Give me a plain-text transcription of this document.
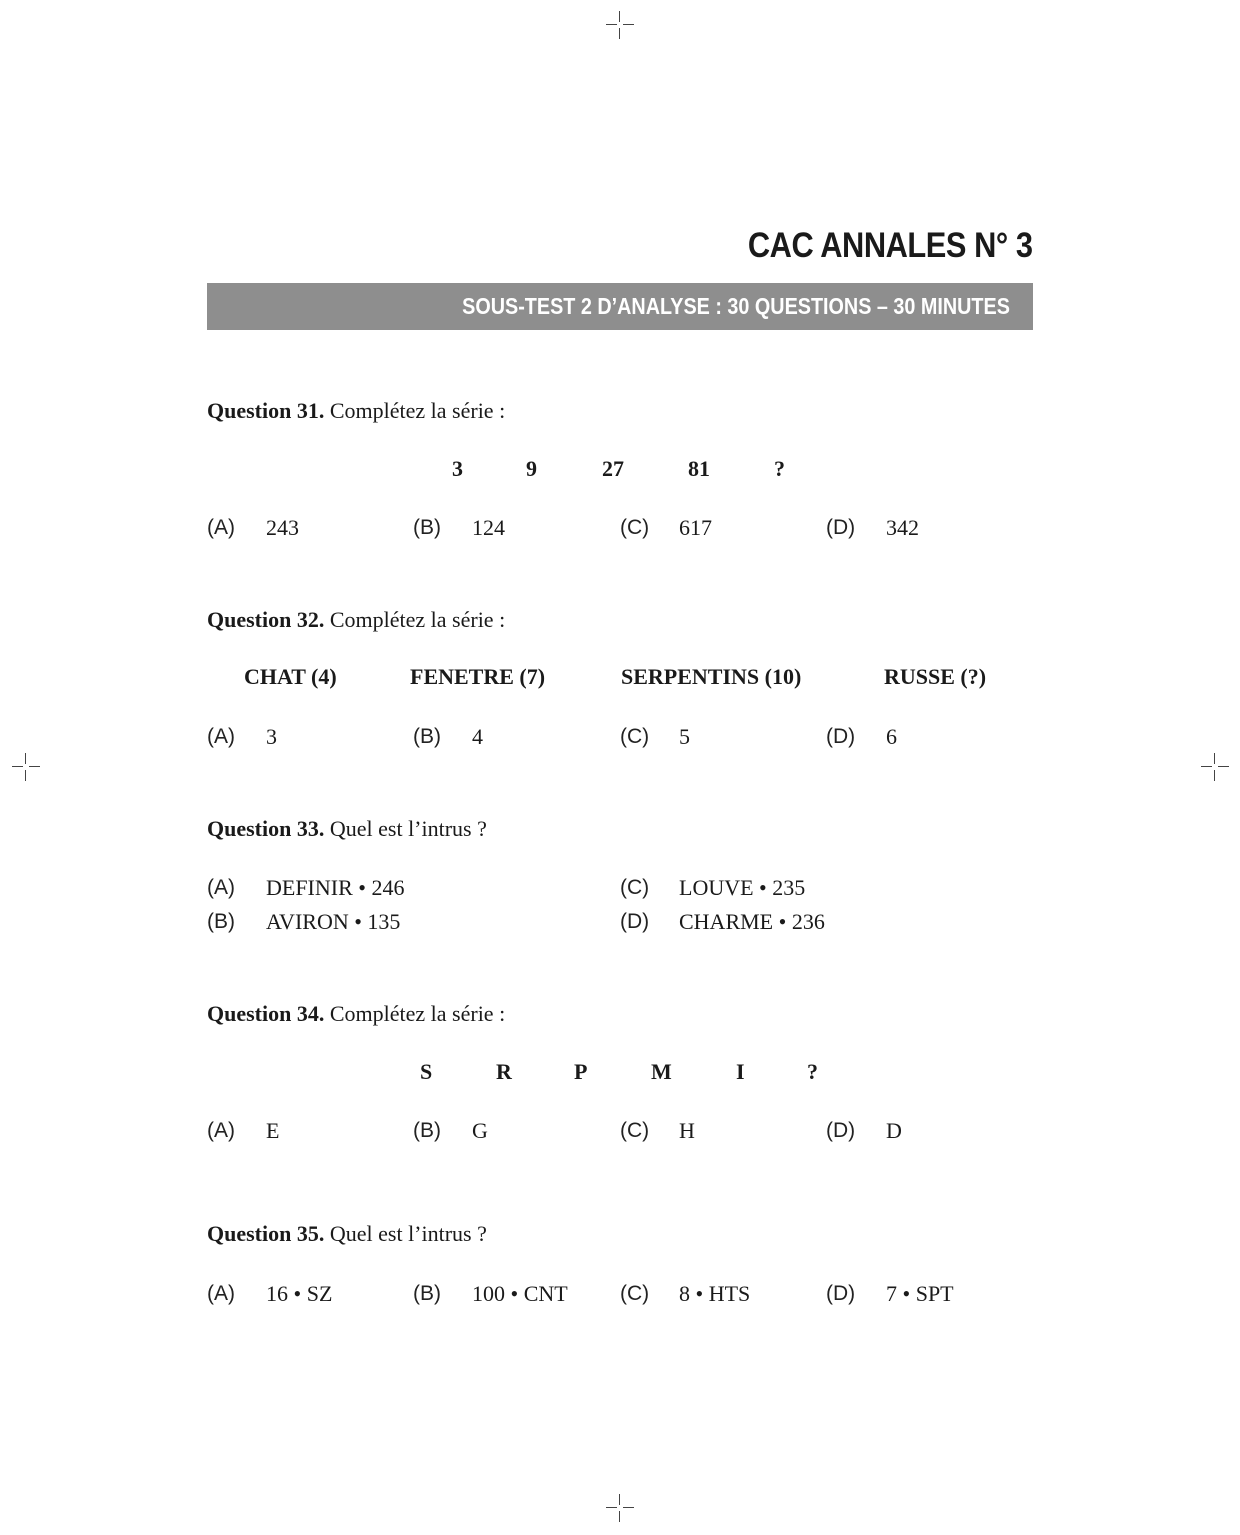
CAC ANNALES N° 3
SOUS-TEST 2 D’ANALYSE : 30 QUESTIONS – 30 MINUTES
Question 31. Complétez la série :
3	9	27	81	?
(A) 243	(B) 124	(C) 617	(D) 342
Question 32. Complétez la série :
CHAT (4)	FENETRE (7)	SERPENTINS (10)	RUSSE (?)
(A) 3	(B) 4	(C) 5	(D) 6
Question 33. Quel est l’intrus ?
(A) DEFINIR • 246
(B) AVIRON • 135
(C) LOUVE • 235
(D) CHARME • 236
Question 34. Complétez la série :
S	R	P	M	I	?
(A) E	(B) G	(C) H	(D) D
Question 35. Quel est l’intrus ?
(A) 16 • SZ	(B) 100 • CNT (C) 8 • HTS	(D) 7 • SPT
